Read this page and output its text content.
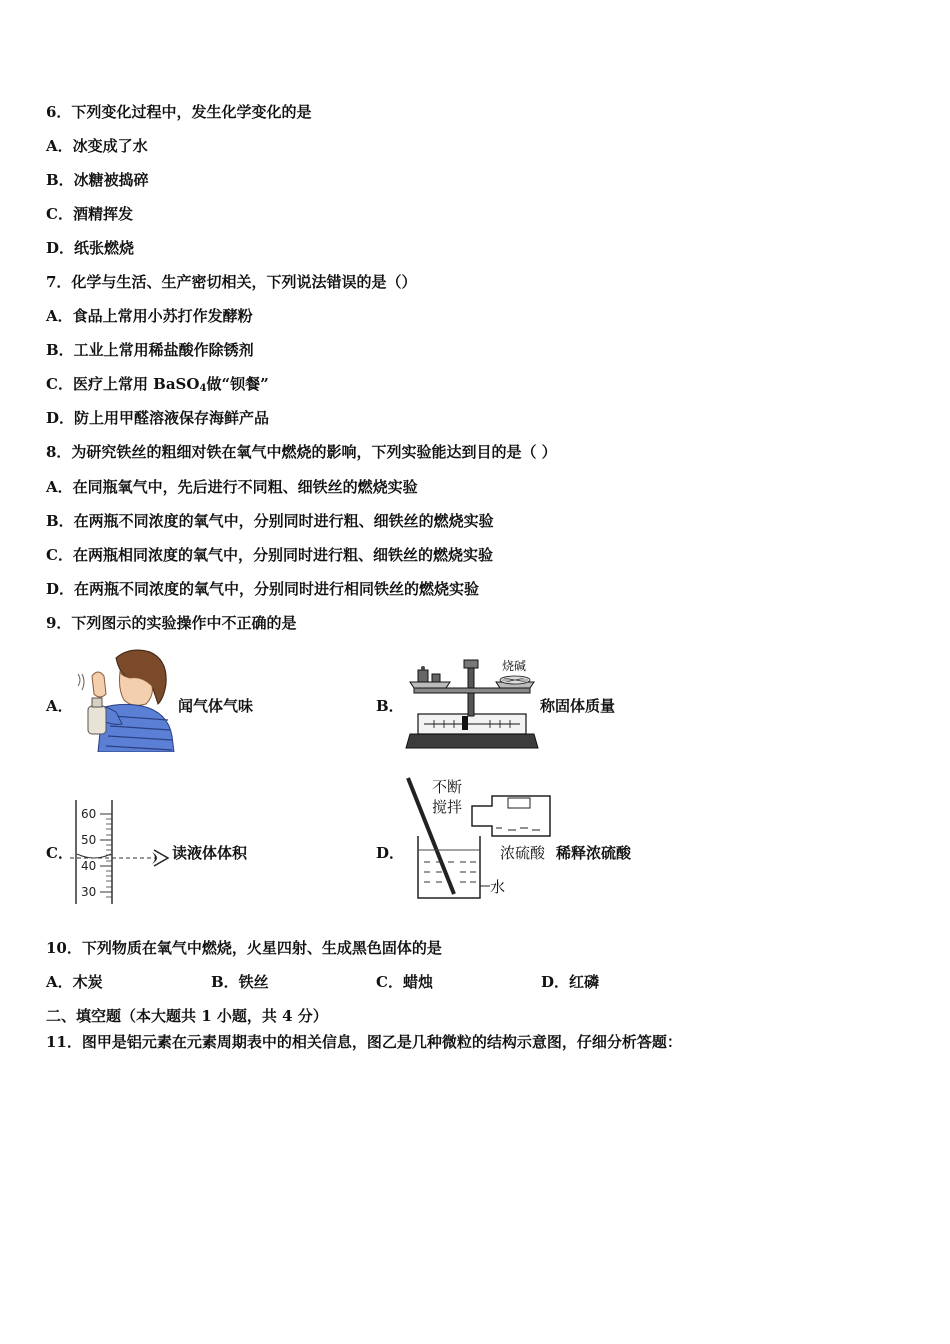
6．下列变化过程中，发生化学变化的是
A．冰变成了水
B．冰糖被捣碎
C．酒精挥发
D．纸张燃烧
7．化学与生活、生产密切相关，下列说法错误的是（）
A．食品上常用小苏打作发酵粉
B．工业上常用稀盐酸作除锈剂
C．医疗上常用 BaSO$_4$做“钡餐”
D．防上用甲醛溶液保存海鲜产品
8．为研究铁丝的粗细对铁在氧气中燃烧的影响，下列实验能达到目的是（ ）
A．在同瓶氧气中，先后进行不同粗、细铁丝的燃烧实验
B．在两瓶不同浓度的氧气中，分别同时进行粗、细铁丝的燃烧实验
C．在两瓶相同浓度的氧气中，分别同时进行粗、细铁丝的燃烧实验
D．在两瓶不同浓度的氧气中，分别同时进行相同铁丝的燃烧实验
9．下列图示的实验操作中不正确的是
A．	闻气体气味	B．
烧碱
称固体质量
C．
60
50
40
30
读液体体积	D．
不断
搅拌
浓硫酸
水
稀释浓硫酸
10．下列物质在氧气中燃烧，火星四射、生成黑色固体的是
A．木炭	B．铁丝	C．蜡烛	D．红磷
二、填空题（本大题共 1 小题，共 4 分）
11．图甲是铝元素在元素周期表中的相关信息，图乙是几种微粒的结构示意图，仔细分析答题：
